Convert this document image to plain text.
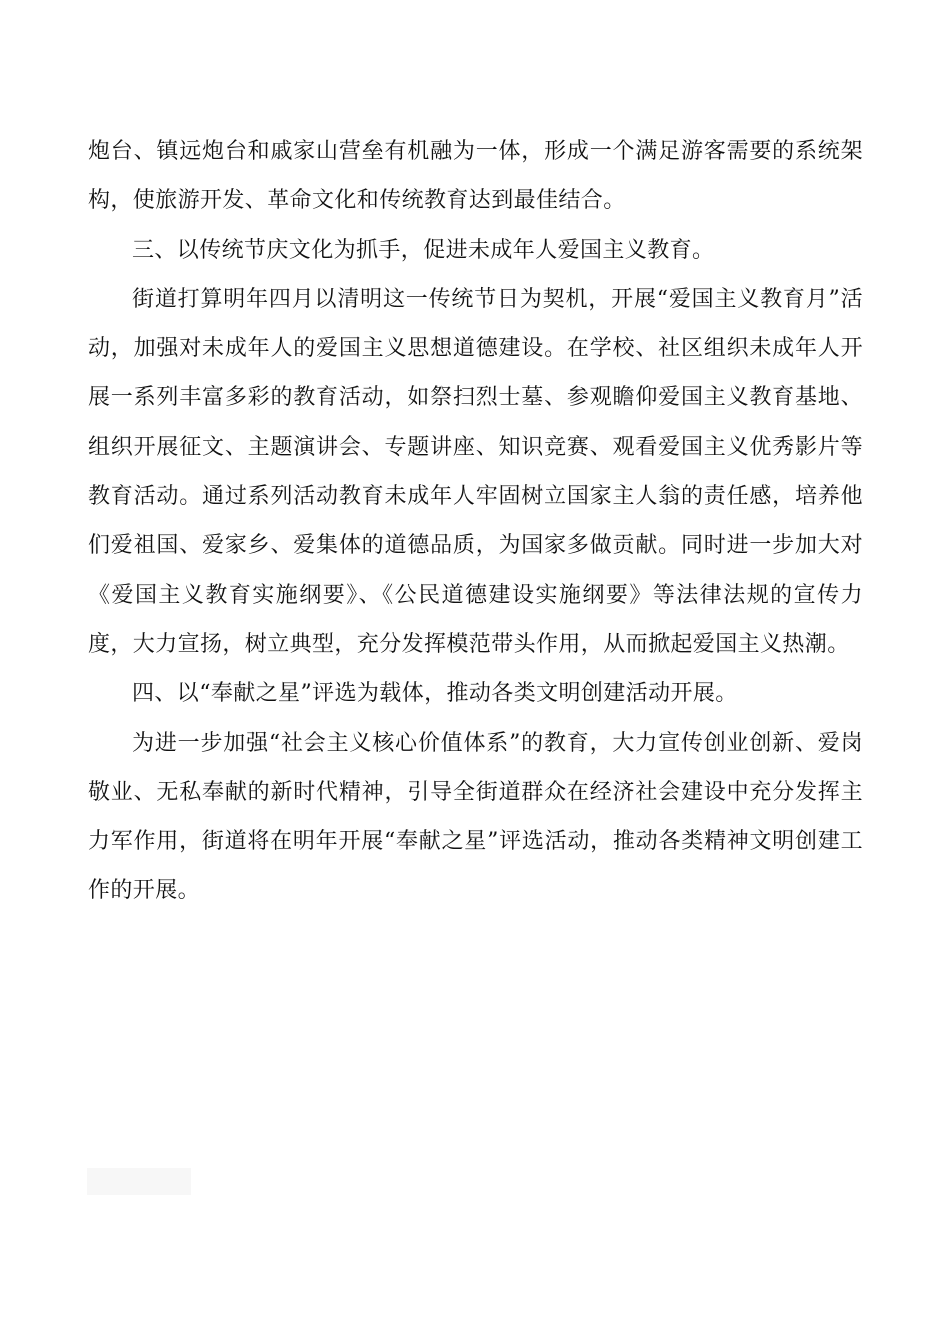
炮台、镇远炮台和戚家山营垒有机融为一体，形成一个满足游客需要的系统架构，使旅游开发、革命文化和传统教育达到最佳结合。

三、以传统节庆文化为抓手，促进未成年人爱国主义教育。

街道打算明年四月以清明这一传统节日为契机，开展“爱国主义教育月”活动，加强对未成年人的爱国主义思想道德建设。在学校、社区组织未成年人开展一系列丰富多彩的教育活动，如祭扫烈士墓、参观瞻仰爱国主义教育基地、组织开展征文、主题演讲会、专题讲座、知识竞赛、观看爱国主义优秀影片等教育活动。通过系列活动教育未成年人牢固树立国家主人翁的责任感，培养他们爱祖国、爱家乡、爱集体的道德品质，为国家多做贡献。同时进一步加大对《爱国主义教育实施纲要》、《公民道德建设实施纲要》等法律法规的宣传力度，大力宣扬，树立典型，充分发挥模范带头作用，从而掀起爱国主义热潮。

四、以“奉献之星”评选为载体，推动各类文明创建活动开展。

为进一步加强“社会主义核心价值体系”的教育，大力宣传创业创新、爱岗敬业、无私奉献的新时代精神，引导全街道群众在经济社会建设中充分发挥主力军作用，街道将在明年开展“奉献之星”评选活动，推动各类精神文明创建工作的开展。
